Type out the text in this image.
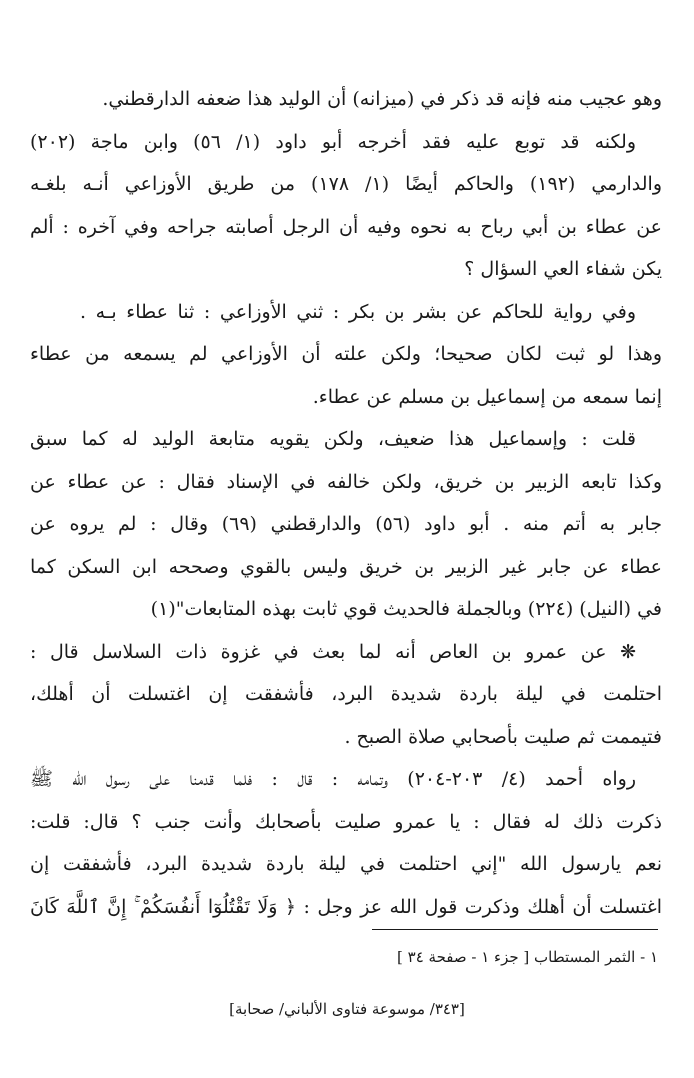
وهو عجيب منه فإنه قد ذكر في (ميزانه) أن الوليد هذا ضعفه الدارقطني.
ولكنه قد توبع عليه فقد أخرجه أبو داود (١/ ٥٦) وابن ماجة (٢٠٢)
والدارمي (١٩٢) والحاكم أيضًا (١/ ١٧٨) من طريق الأوزاعي أنـه بلغـه
عن عطاء بن أبي رباح به نحوه وفيه أن الرجل أصابته جراحه وفي آخره : ألم
يكن شفاء العي السؤال ؟
وفي رواية للحاكم عن بشر بن بكر : ثني الأوزاعي : ثنا عطاء بـه .
وهذا لو ثبت لكان صحيحا؛ ولكن علته أن الأوزاعي لم يسمعه من عطاء
إنما سمعه من إسماعيل بن مسلم عن عطاء.
قلت : وإسماعيل هذا ضعيف، ولكن يقويه متابعة الوليد له كما سبق
وكذا تابعه الزبير بن خريق، ولكن خالفه في الإسناد فقال : عن عطاء عن
جابر به أتم منه . أبو داود (٥٦) والدارقطني (٦٩) وقال : لم يروه عن
عطاء عن جابر غير الزبير بن خريق وليس بالقوي وصححه ابن السكن كما
في (النيل) (٢٢٤) وبالجملة فالحديث قوي ثابت بهذه المتابعات"(١)
❋ عن عمرو بن العاص أنه لما بعث في غزوة ذات السلاسل قال :
احتلمت في ليلة باردة شديدة البرد، فأشفقت إن اغتسلت أن أهلك،
فتيممت ثم صليت بأصحابي صلاة الصبح .
رواه أحمد (٤/ ٢٠٣-٢٠٤) وتمامه : قال : فلما قدمنا على رسول الله ﷺ
ذكرت ذلك له فقال : يا عمرو صليت بأصحابك وأنت جنب ؟ قال: قلت:
نعم يارسول الله "إني احتلمت في ليلة باردة شديدة البرد، فأشفقت إن
اغتسلت أن أهلك وذكرت قول الله عز وجل : ﴿ وَلَا تَقْتُلُوٓا أَنفُسَكُمْ ۚ إِنَّ ٱللَّهَ كَانَ
١ - الثمر المستطاب [ جزء ١ - صفحة ٣٤ ]
[٣٤٣/ موسوعة فتاوى الألباني/ صحابة]
